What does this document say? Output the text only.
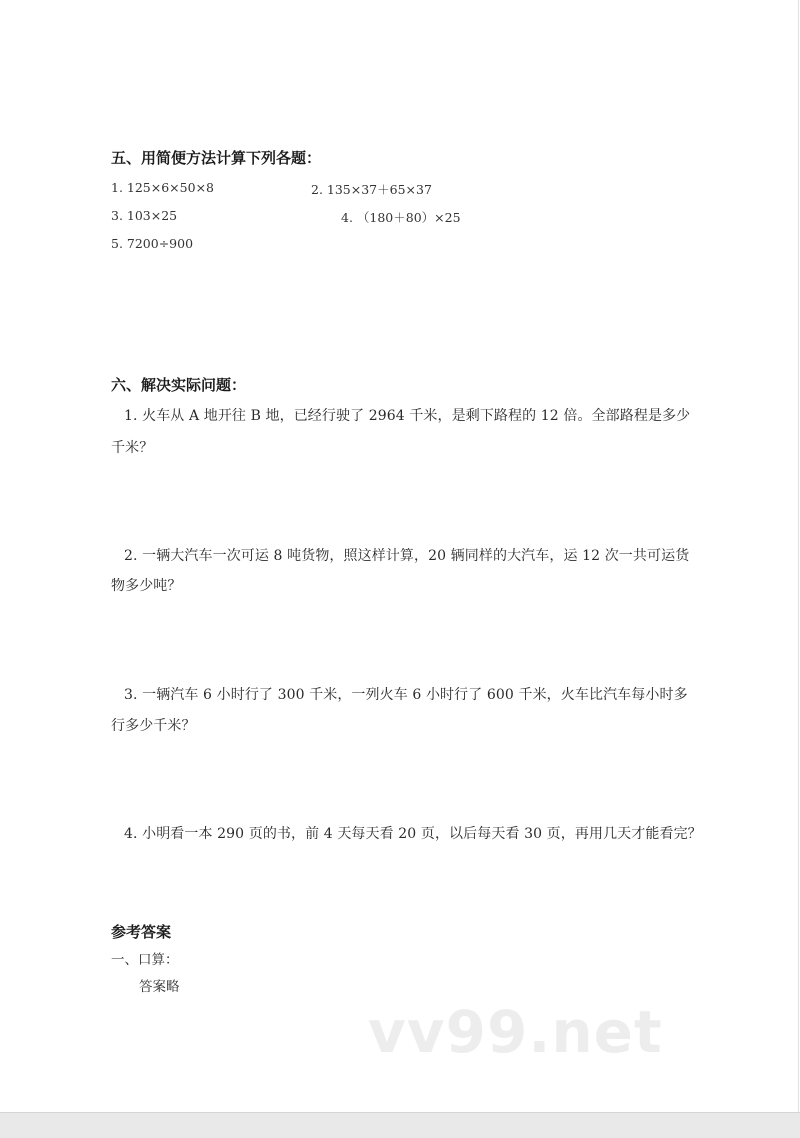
五、用简便方法计算下列各题：
1. 125×6×50×8	2. 135×37＋65×37
3. 103×25	4. （180＋80）×25
5. 7200÷900
六、解决实际问题：
1. 火车从 A 地开往 B 地，已经行驶了 2964 千米，是剩下路程的 12 倍。全部路程是多少
千米？
2. 一辆大汽车一次可运 8 吨货物，照这样计算，20 辆同样的大汽车，运 12 次一共可运货
物多少吨？
3. 一辆汽车 6 小时行了 300 千米，一列火车 6 小时行了 600 千米，火车比汽车每小时多
行多少千米？
4. 小明看一本 290 页的书，前 4 天每天看 20 页，以后每天看 30 页，再用几天才能看完？
参考答案
一、口算：
答案略
vv99.net
